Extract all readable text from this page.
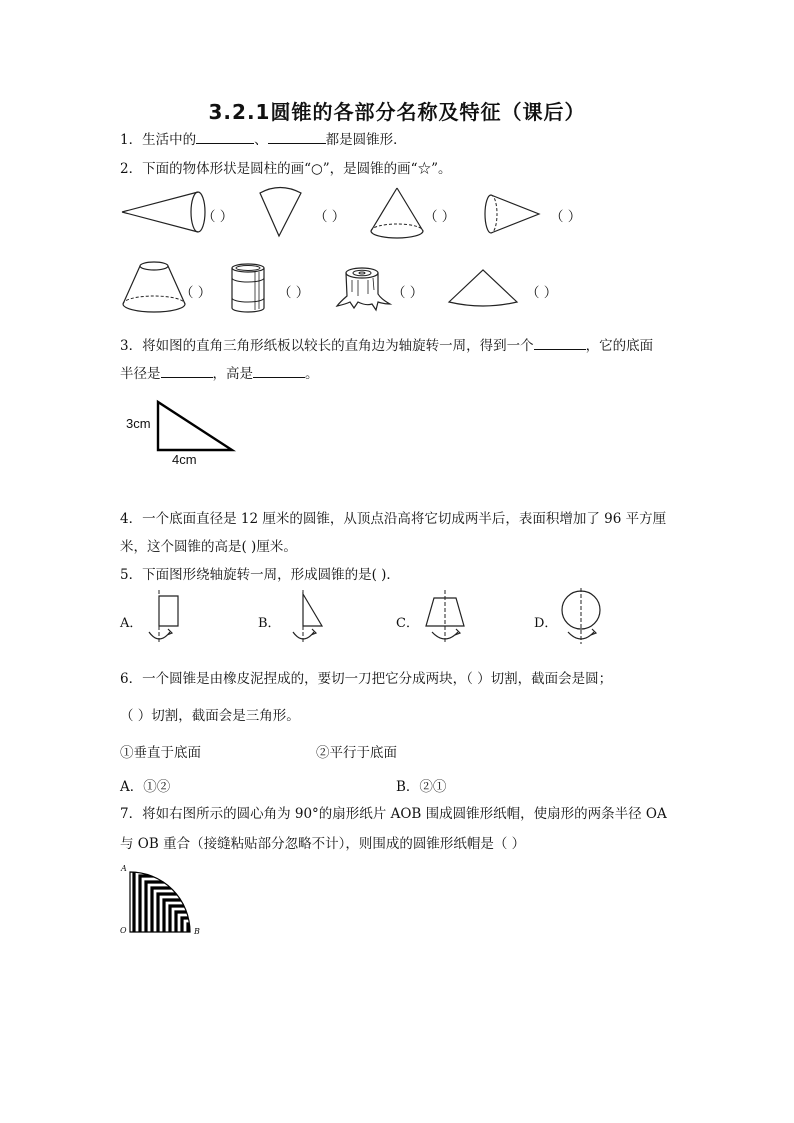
3.2.1圆锥的各部分名称及特征（课后）
1．生活中的	、	都是圆锥形．
2．下面的物体形状是圆柱的画“○”，是圆锥的画“☆”。
（ ）	（ ）	（ ）	（ ）
（ ）	（ ）	（ ）	（ ）
3．将如图的直角三角形纸板以较长的直角边为轴旋转一周，得到一个	，它的底面
半径是	，高是	。
3cm
4cm
4．一个底面直径是 12 厘米的圆锥，从顶点沿高将它切成两半后，表面积增加了 96 平方厘
米，这个圆锥的高是( )厘米。
5．下面图形绕轴旋转一周，形成圆锥的是( )．
A．	B．	C．	D．
6．一个圆锥是由橡皮泥捏成的，要切一刀把它分成两块，（ ）切割，截面会是圆；
（ ）切割，截面会是三角形。
①垂直于底面	②平行于底面
A．①②	B．②①
7．将如右图所示的圆心角为 90°的扇形纸片 AOB 围成圆锥形纸帽，使扇形的两条半径 OA
与 OB 重合（接缝粘贴部分忽略不计），则围成的圆锥形纸帽是（ ）
A
O	B
